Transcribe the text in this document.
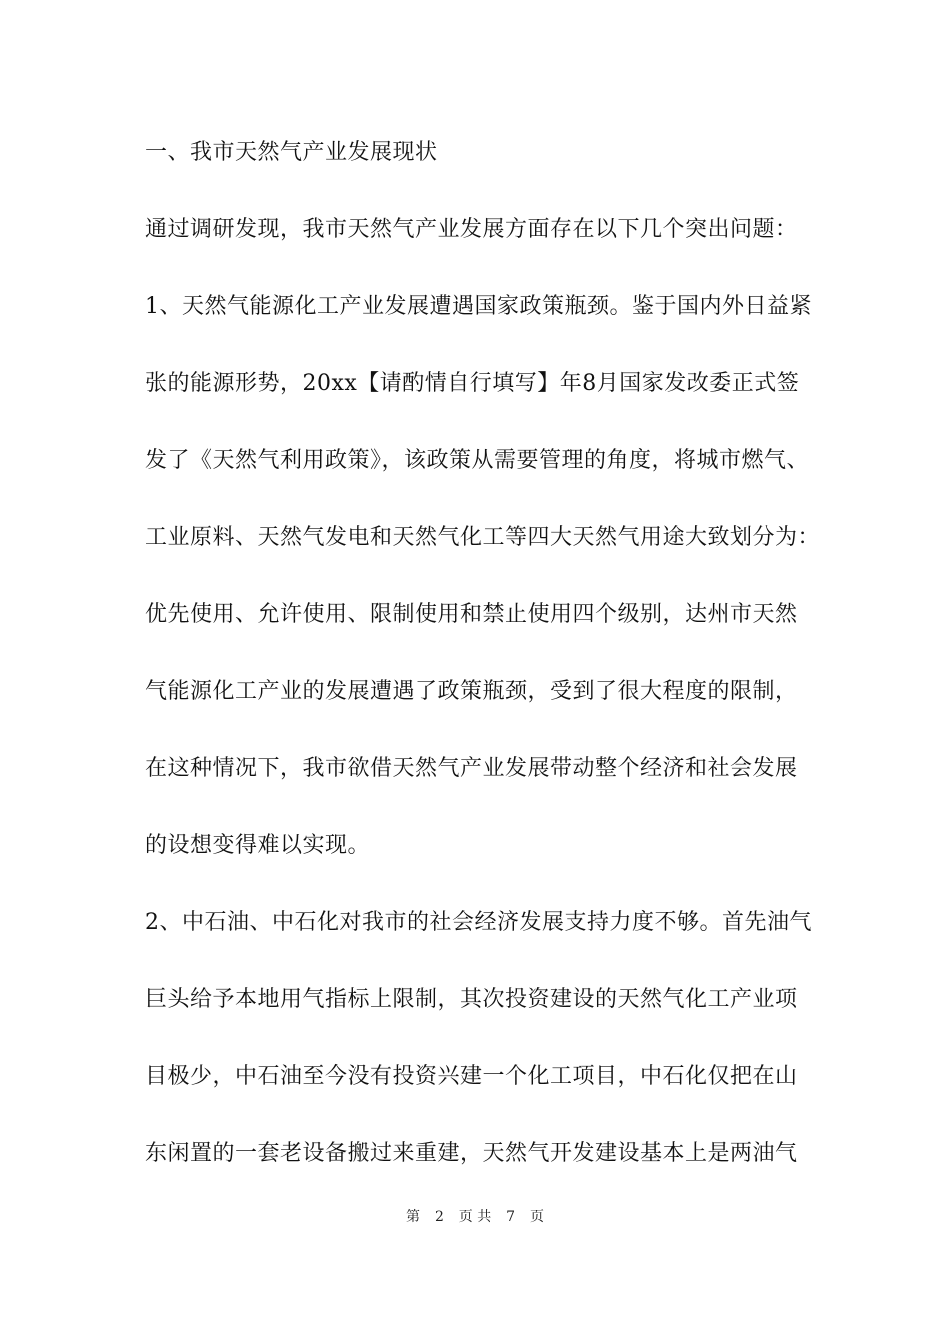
一、我市天然气产业发展现状
通过调研发现，我市天然气产业发展方面存在以下几个突出问题：
1、天然气能源化工产业发展遭遇国家政策瓶颈。鉴于国内外日益紧
张的能源形势，20xx【请酌情自行填写】年8月国家发改委正式签
发了《天然气利用政策》，该政策从需要管理的角度，将城市燃气、
工业原料、天然气发电和天然气化工等四大天然气用途大致划分为：
优先使用、允许使用、限制使用和禁止使用四个级别，达州市天然
气能源化工产业的发展遭遇了政策瓶颈，受到了很大程度的限制，
在这种情况下，我市欲借天然气产业发展带动整个经济和社会发展
的设想变得难以实现。
2、中石油、中石化对我市的社会经济发展支持力度不够。首先油气
巨头给予本地用气指标上限制，其次投资建设的天然气化工产业项
目极少，中石油至今没有投资兴建一个化工项目，中石化仅把在山
东闲置的一套老设备搬过来重建，天然气开发建设基本上是两油气
第 2 页 共 7 页
